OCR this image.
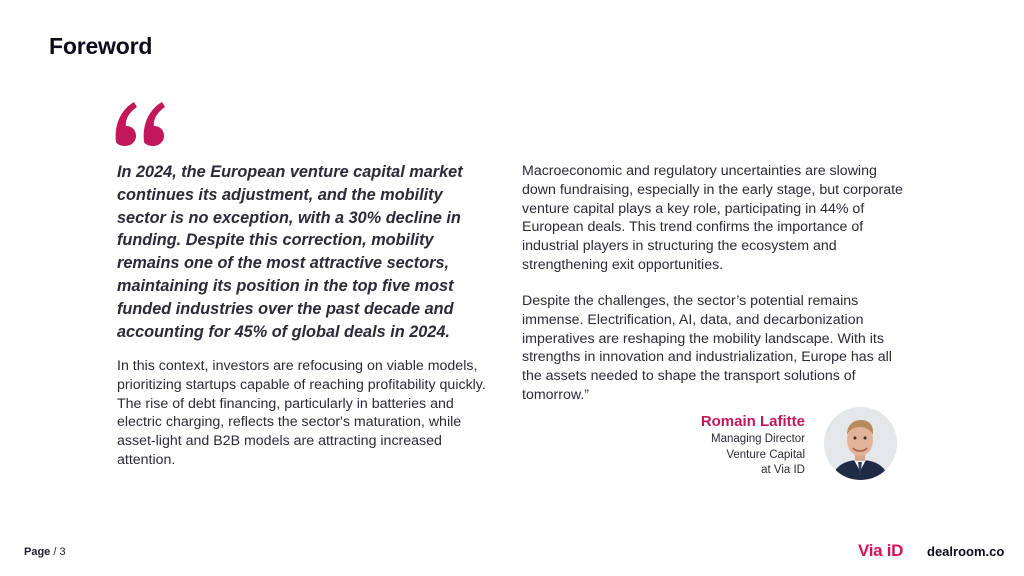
Foreword

In 2024, the European venture capital market continues its adjustment, and the mobility sector is no exception, with a 30% decline in funding. Despite this correction, mobility remains one of the most attractive sectors, maintaining its position in the top five most funded industries over the past decade and accounting for 45% of global deals in 2024.

In this context, investors are refocusing on viable models, prioritizing startups capable of reaching profitability quickly. The rise of debt financing, particularly in batteries and electric charging, reflects the sector's maturation, while asset-light and B2B models are attracting increased attention.

Macroeconomic and regulatory uncertainties are slowing down fundraising, especially in the early stage, but corporate venture capital plays a key role, participating in 44% of European deals. This trend confirms the importance of industrial players in structuring the ecosystem and strengthening exit opportunities.

Despite the challenges, the sector’s potential remains immense. Electrification, AI, data, and decarbonization imperatives are reshaping the mobility landscape. With its strengths in innovation and industrialization, Europe has all the assets needed to shape the transport solutions of tomorrow.”

Romain Lafitte
Managing Director
Venture Capital
at Via ID
Page / 3	Via iD dealroom.co
